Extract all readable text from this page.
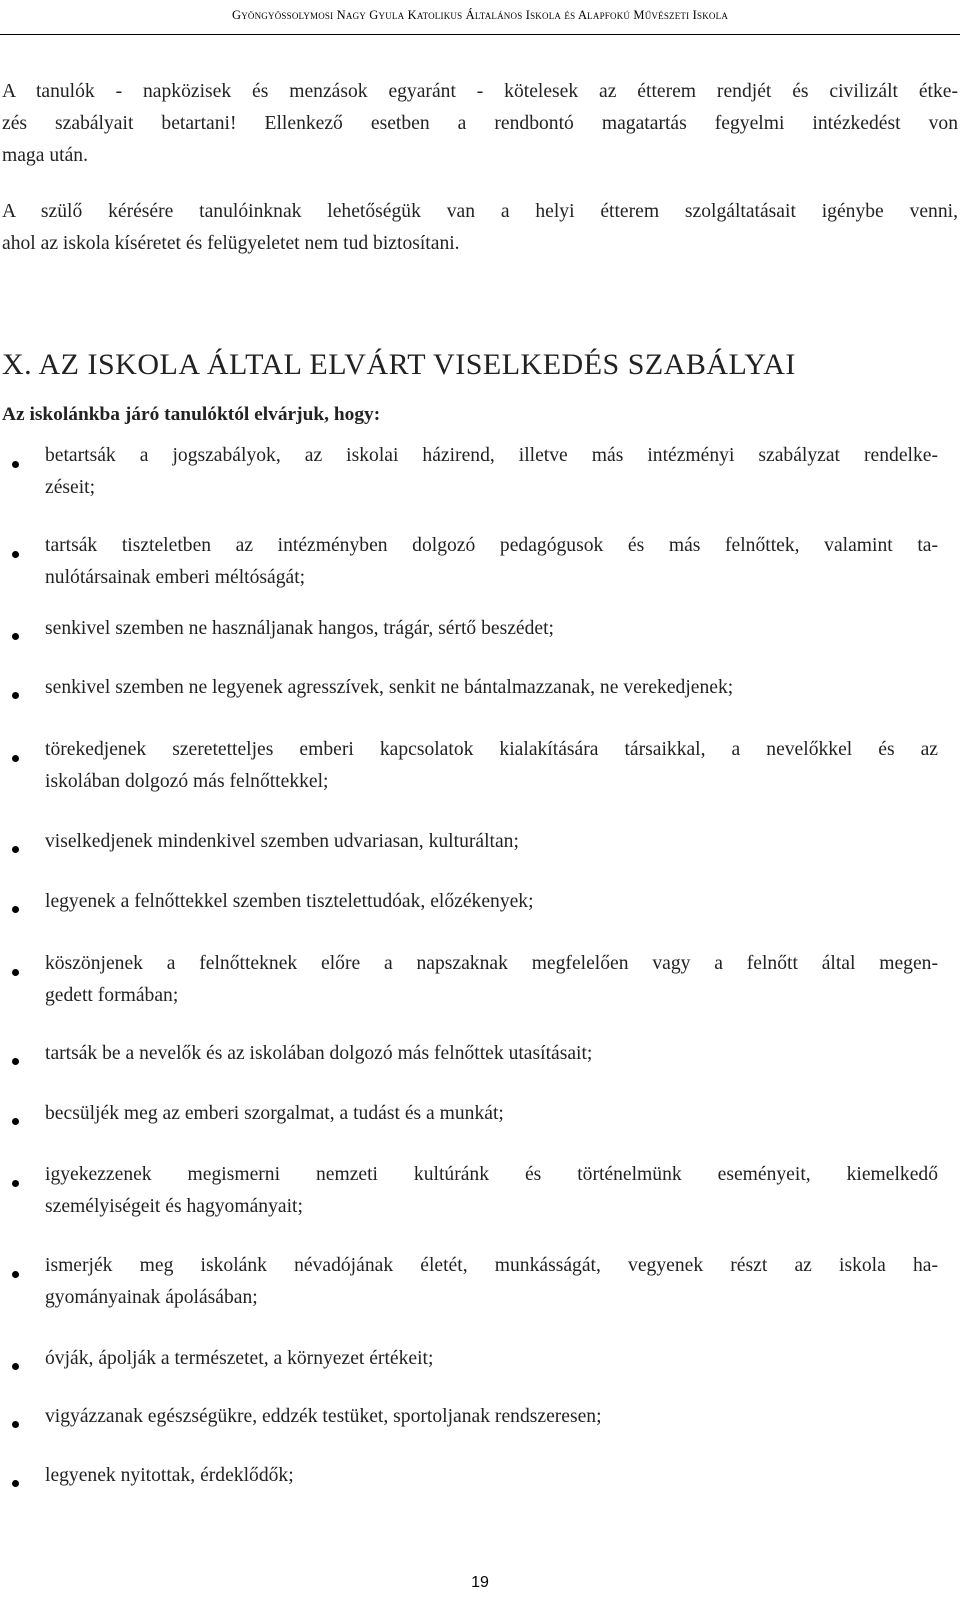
Gyöngyössolymosi Nagy Gyula Katolikus Általános Iskola és Alapfokú Művészeti Iskola
A tanulók - napközisek és menzások egyaránt - kötelesek az étterem rendjét és civilizált étke-
zés szabályait betartani! Ellenkező esetben a rendbontó magatartás fegyelmi intézkedést von
maga után.
A szülő kérésére tanulóinknak lehetőségük van a helyi étterem szolgáltatásait igénybe venni,
ahol az iskola kíséretet és felügyeletet nem tud biztosítani.
X. AZ ISKOLA ÁLTAL ELVÁRT VISELKEDÉS SZABÁLYAI
Az iskolánkba járó tanulóktól elvárjuk, hogy:
betartsák a jogszabályok, az iskolai házirend, illetve más intézményi szabályzat rendelke-
zéseit;
tartsák tiszteletben az intézményben dolgozó pedagógusok és más felnőttek, valamint ta-
nulótársainak emberi méltóságát;
senkivel szemben ne használjanak hangos, trágár, sértő beszédet;
senkivel szemben ne legyenek agresszívek, senkit ne bántalmazzanak, ne verekedjenek;
törekedjenek szeretetteljes emberi kapcsolatok kialakítására társaikkal, a nevelőkkel és az
iskolában dolgozó más felnőttekkel;
viselkedjenek mindenkivel szemben udvariasan, kulturáltan;
legyenek a felnőttekkel szemben tisztelettudóak, előzékenyek;
köszönjenek a felnőtteknek előre a napszaknak megfelelően vagy a felnőtt által megen-
gedett formában;
tartsák be a nevelők és az iskolában dolgozó más felnőttek utasításait;
becsüljék meg az emberi szorgalmat, a tudást és a munkát;
igyekezzenek megismerni nemzeti kultúránk és történelmünk eseményeit, kiemelkedő
személyiségeit és hagyományait;
ismerjék meg iskolánk névadójának életét, munkásságát, vegyenek részt az iskola ha-
gyományainak ápolásában;
óvják, ápolják a természetet, a környezet értékeit;
vigyázzanak egészségükre, eddzék testüket, sportoljanak rendszeresen;
legyenek nyitottak, érdeklődők;
19
